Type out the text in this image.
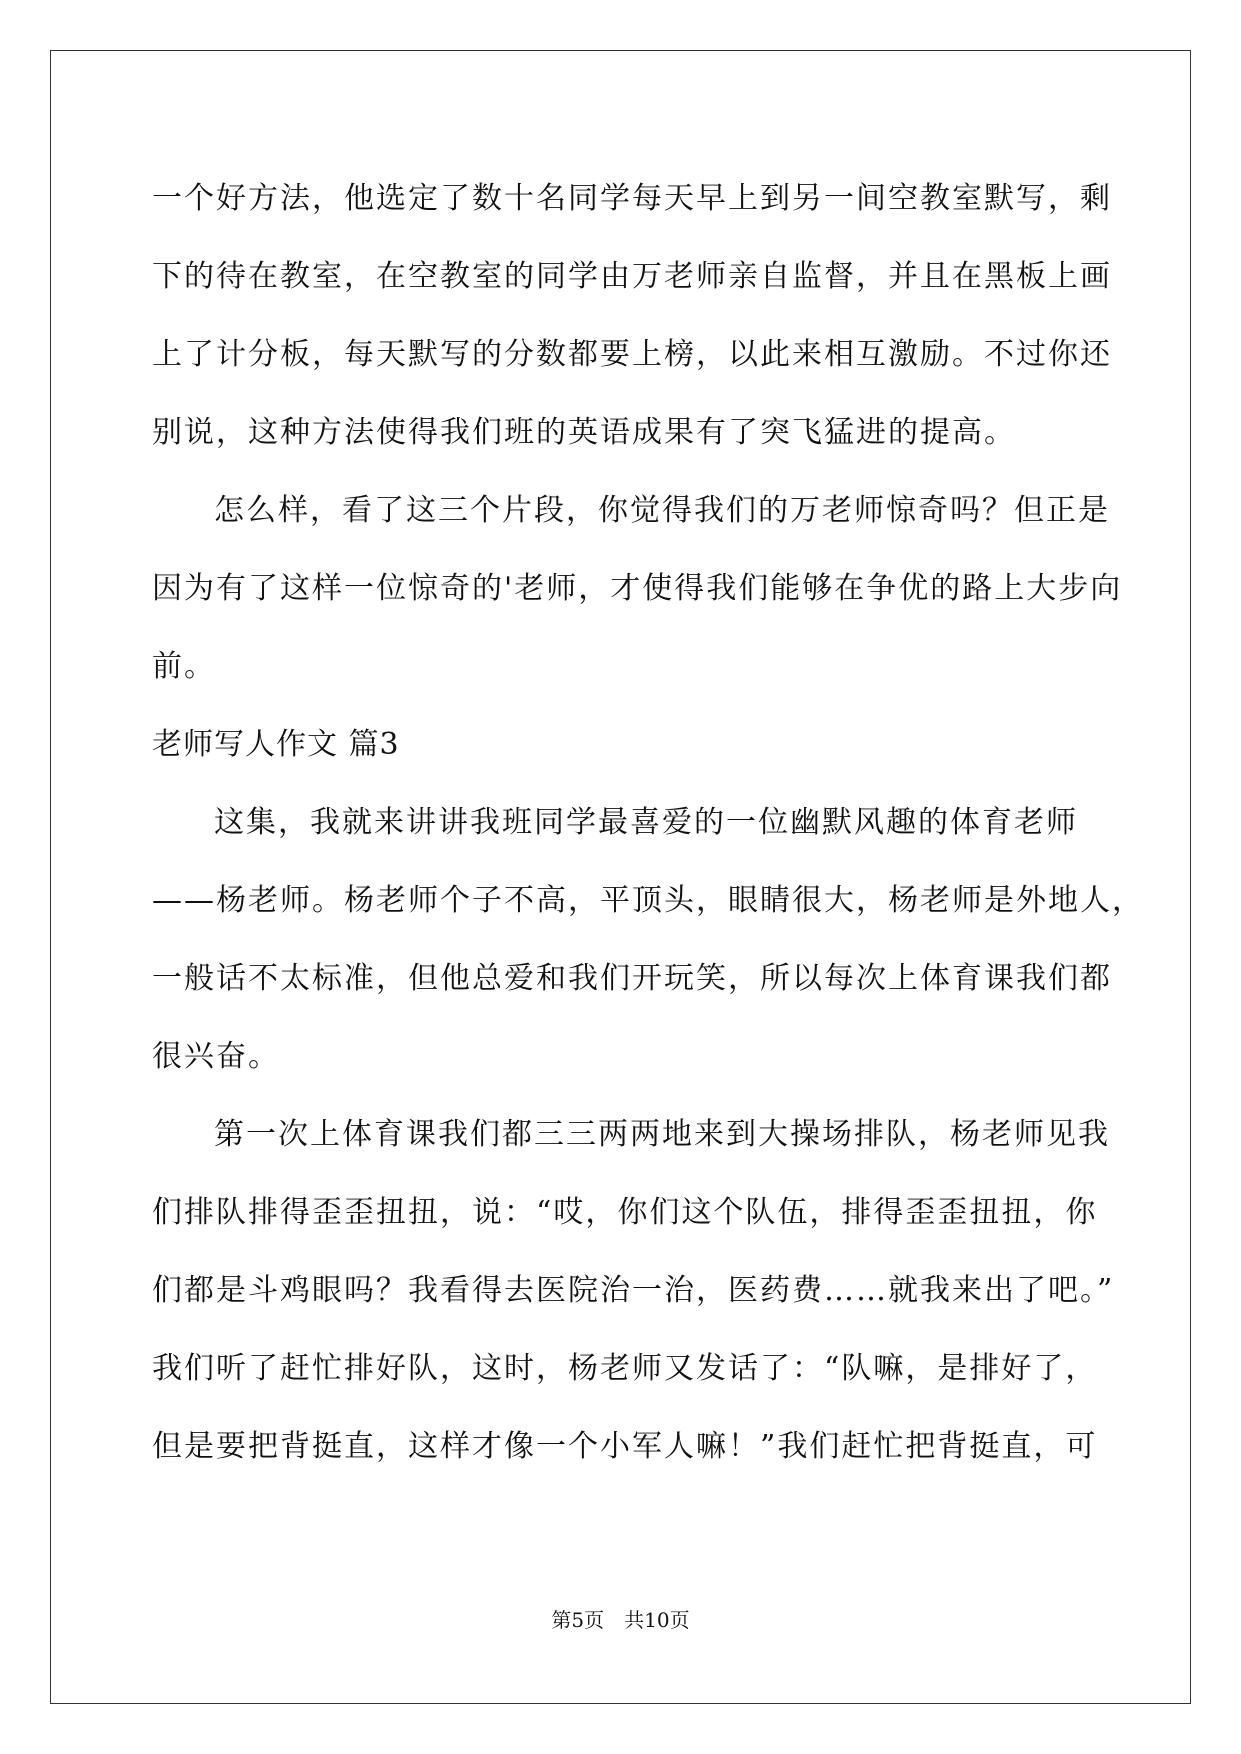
一个好方法，他选定了数十名同学每天早上到另一间空教室默写，剩
下的待在教室，在空教室的同学由万老师亲自监督，并且在黑板上画
上了计分板，每天默写的分数都要上榜，以此来相互激励。不过你还
别说，这种方法使得我们班的英语成果有了突飞猛进的提高。
怎么样，看了这三个片段，你觉得我们的万老师惊奇吗？但正是
因为有了这样一位惊奇的'老师，才使得我们能够在争优的路上大步向
前。
老师写人作文 篇3
这集，我就来讲讲我班同学最喜爱的一位幽默风趣的体育老师
——杨老师。杨老师个子不高，平顶头，眼睛很大，杨老师是外地人，
一般话不太标准，但他总爱和我们开玩笑，所以每次上体育课我们都
很兴奋。
第一次上体育课我们都三三两两地来到大操场排队，杨老师见我
们排队排得歪歪扭扭，说：“哎，你们这个队伍，排得歪歪扭扭，你
们都是斗鸡眼吗？我看得去医院治一治，医药费……就我来出了吧。”
我们听了赶忙排好队，这时，杨老师又发话了：“队嘛，是排好了，
但是要把背挺直，这样才像一个小军人嘛！”我们赶忙把背挺直，可
第5页　共10页
